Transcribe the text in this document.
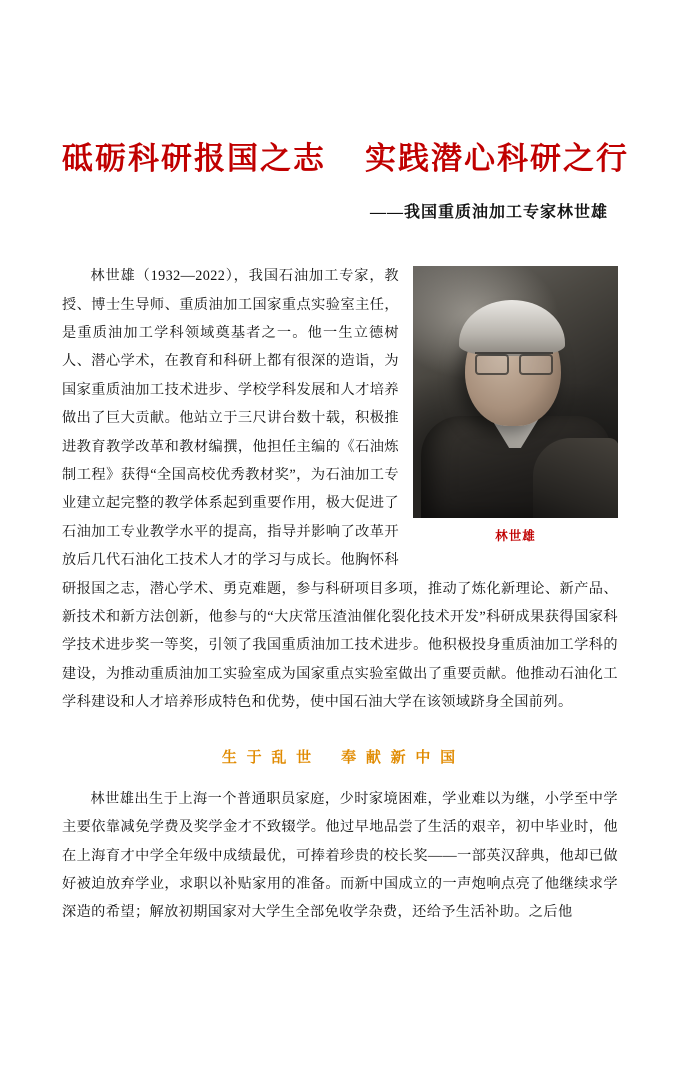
砥砺科研报国之志    实践潜心科研之行
——我国重质油加工专家林世雄
林世雄

林世雄（1932—2022），我国石油加工专家，教授、博士生导师、重质油加工国家重点实验室主任，是重质油加工学科领域奠基者之一。他一生立德树人、潜心学术，在教育和科研上都有很深的造诣，为国家重质油加工技术进步、学校学科发展和人才培养做出了巨大贡献。他站立于三尺讲台数十载，积极推进教育教学改革和教材编撰，他担任主编的《石油炼制工程》获得“全国高校优秀教材奖”，为石油加工专业建立起完整的教学体系起到重要作用，极大促进了石油加工专业教学水平的提高，指导并影响了改革开放后几代石油化工技术人才的学习与成长。他胸怀科研报国之志，潜心学术、勇克难题，参与科研项目多项，推动了炼化新理论、新产品、新技术和新方法创新，他参与的“大庆常压渣油催化裂化技术开发”科研成果获得国家科学技术进步奖一等奖，引领了我国重质油加工技术进步。他积极投身重质油加工学科的建设，为推动重质油加工实验室成为国家重点实验室做出了重要贡献。他推动石油化工学科建设和人才培养形成特色和优势，使中国石油大学在该领域跻身全国前列。

生 于 乱 世    奉 献 新 中 国

林世雄出生于上海一个普通职员家庭，少时家境困难，学业难以为继，小学至中学主要依靠减免学费及奖学金才不致辍学。他过早地品尝了生活的艰辛，初中毕业时，他在上海育才中学全年级中成绩最优，可捧着珍贵的校长奖——一部英汉辞典，他却已做好被迫放弃学业，求职以补贴家用的准备。而新中国成立的一声炮响点亮了他继续求学深造的希望；解放初期国家对大学生全部免收学杂费，还给予生活补助。之后他
